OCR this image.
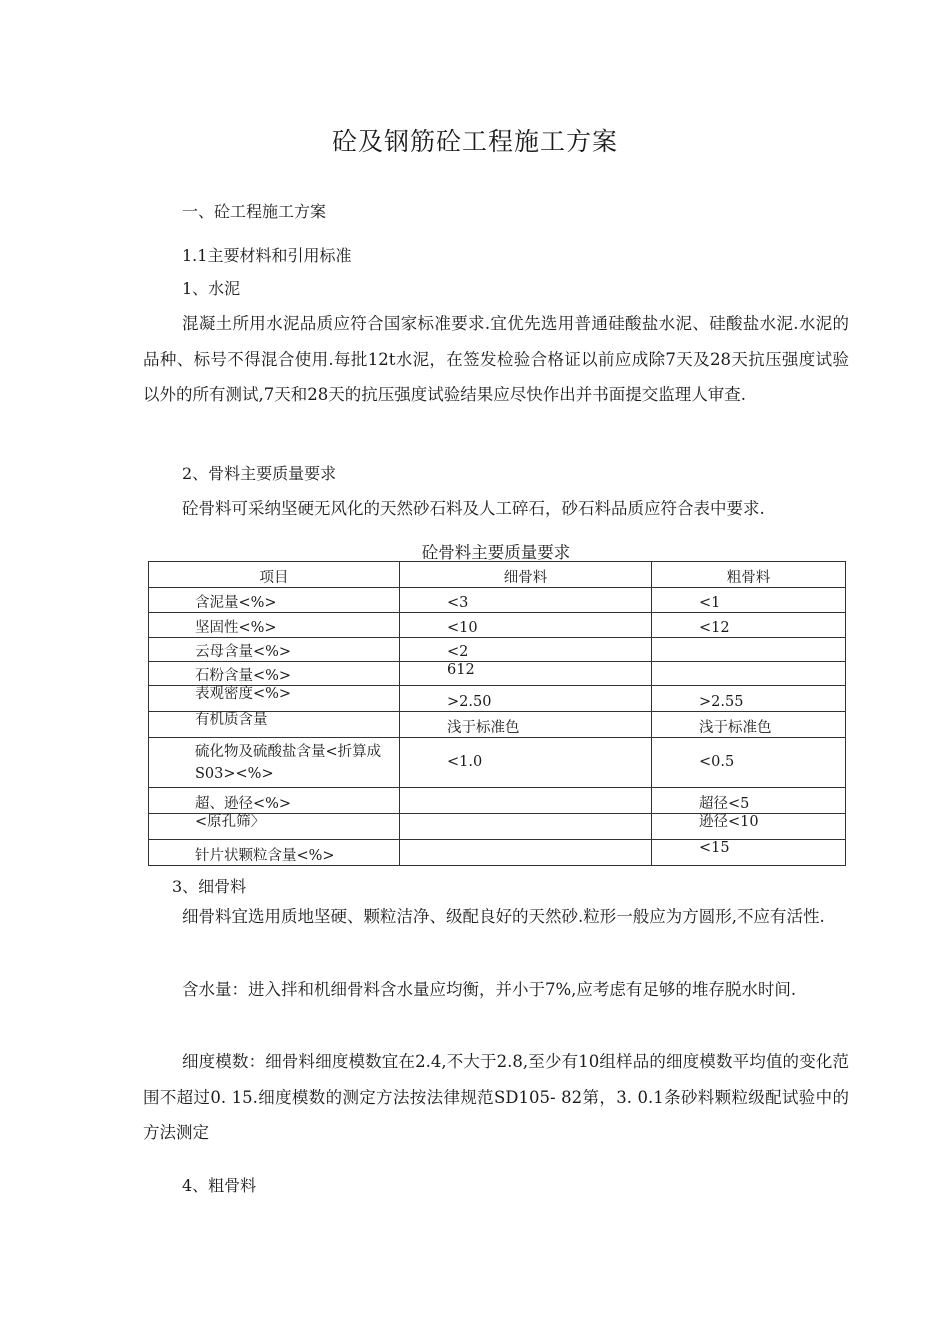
砼及钢筋砼工程施工方案
一、砼工程施工方案
1.1主要材料和引用标准
1、水泥
混凝土所用水泥品质应符合国家标准要求.宜优先选用普通硅酸盐水泥、硅酸盐水泥.水泥的品种、标号不得混合使用.每批12t水泥，在签发检验合格证以前应成除7天及28天抗压强度试验以外的所有测试,7天和28天的抗压强度试验结果应尽快作出并书面提交监理人审查.
2、骨料主要质量要求
砼骨料可采纳坚硬无风化的天然砂石料及人工碎石，砂石料品质应符合表中要求.
砼骨料主要质量要求
项目	细骨料	粗骨料
含泥量<%>	<3	<1
坚固性<%>	<10	<12
云母含量<%>	<2	
石粉含量<%>	612	
表观密度<%>	>2.50	>2.55
有机质含量	浅于标准色	浅于标准色
硫化物及硫酸盐含量<折算成S03><%>	<1.0	<0.5
超、逊径<%>		超径<5
<原孔筛〉		逊径<10
针片状颗粒含量<%>		<15
3、细骨料
细骨料宜选用质地坚硬、颗粒洁净、级配良好的天然砂.粒形一般应为方圆形,不应有活性.
含水量：进入拌和机细骨料含水量应均衡，并小于7%,应考虑有足够的堆存脱水时间.
细度模数：细骨料细度模数宜在2.4,不大于2.8,至少有10组样品的细度模数平均值的变化范围不超过0. 15.细度模数的测定方法按法律规范SD105- 82第，3. 0.1条砂料颗粒级配试验中的方法测定
4、粗骨料
